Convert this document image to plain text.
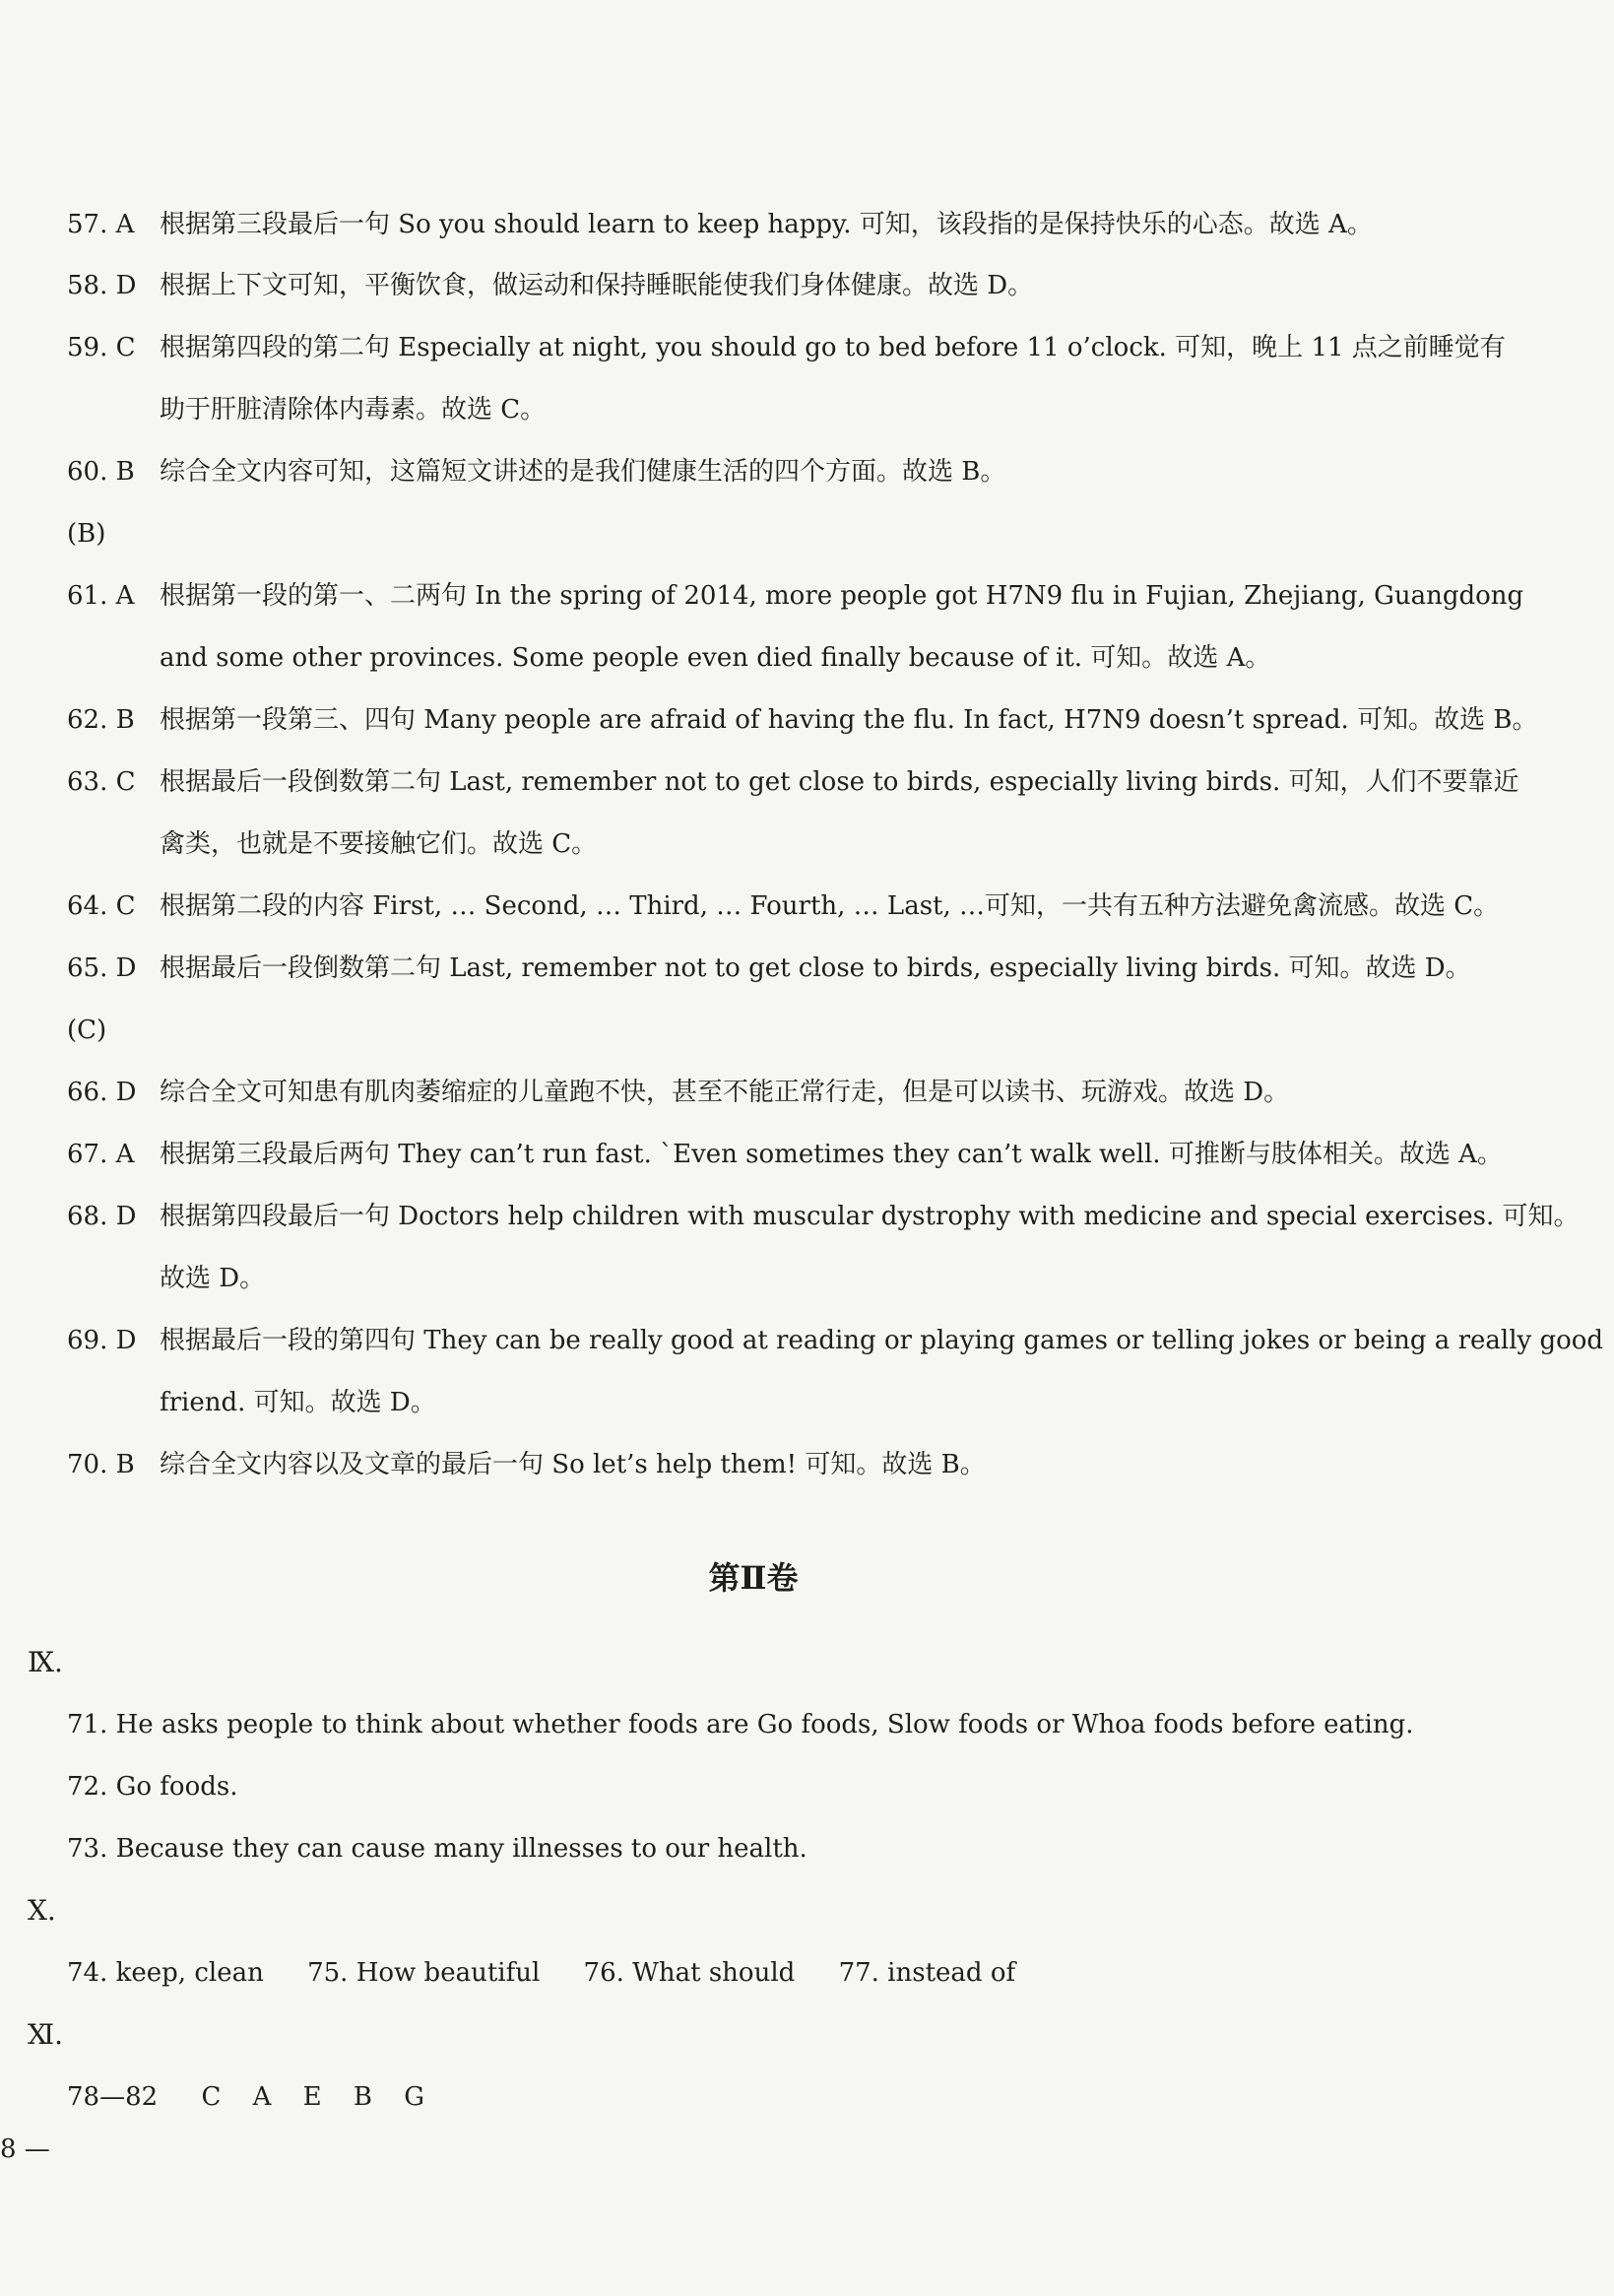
57. A 根据第三段最后一句 So you should learn to keep happy. 可知，该段指的是保持快乐的心态。故选 A。
58. D 根据上下文可知，平衡饮食，做运动和保持睡眠能使我们身体健康。故选 D。
59. C 根据第四段的第二句 Especially at night, you should go to bed before 11 o’clock. 可知，晚上 11 点之前睡觉有
助于肝脏清除体内毒素。故选 C。
60. B 综合全文内容可知，这篇短文讲述的是我们健康生活的四个方面。故选 B。
(B)
61. A 根据第一段的第一、二两句 In the spring of 2014, more people got H7N9 flu in Fujian, Zhejiang, Guangdong
and some other provinces. Some people even died finally because of it. 可知。故选 A。
62. B 根据第一段第三、四句 Many people are afraid of having the flu. In fact, H7N9 doesn’t spread. 可知。故选 B。
63. C 根据最后一段倒数第二句 Last, remember not to get close to birds, especially living birds. 可知，人们不要靠近
禽类，也就是不要接触它们。故选 C。
64. C 根据第二段的内容 First, … Second, … Third, … Fourth, … Last, …可知，一共有五种方法避免禽流感。故选 C。
65. D 根据最后一段倒数第二句 Last, remember not to get close to birds, especially living birds. 可知。故选 D。
(C)
66. D 综合全文可知患有肌肉萎缩症的儿童跑不快，甚至不能正常行走，但是可以读书、玩游戏。故选 D。
67. A 根据第三段最后两句 They can’t run fast. `Even sometimes they can’t walk well. 可推断与肢体相关。故选 A。
68. D 根据第四段最后一句 Doctors help children with muscular dystrophy with medicine and special exercises. 可知。
故选 D。
69. D 根据最后一段的第四句 They can be really good at reading or playing games or telling jokes or being a really good
friend. 可知。故选 D。
70. B 综合全文内容以及文章的最后一句 So let’s help them! 可知。故选 B。
第Ⅱ卷
Ⅸ.
71. He asks people to think about whether foods are Go foods, Slow foods or Whoa foods before eating.
72. Go foods.
73. Because they can cause many illnesses to our health.
Ⅹ.
74. keep, clean 75. How beautiful 76. What should 77. instead of
Ⅺ.
78—82 C A E B G
8 —
